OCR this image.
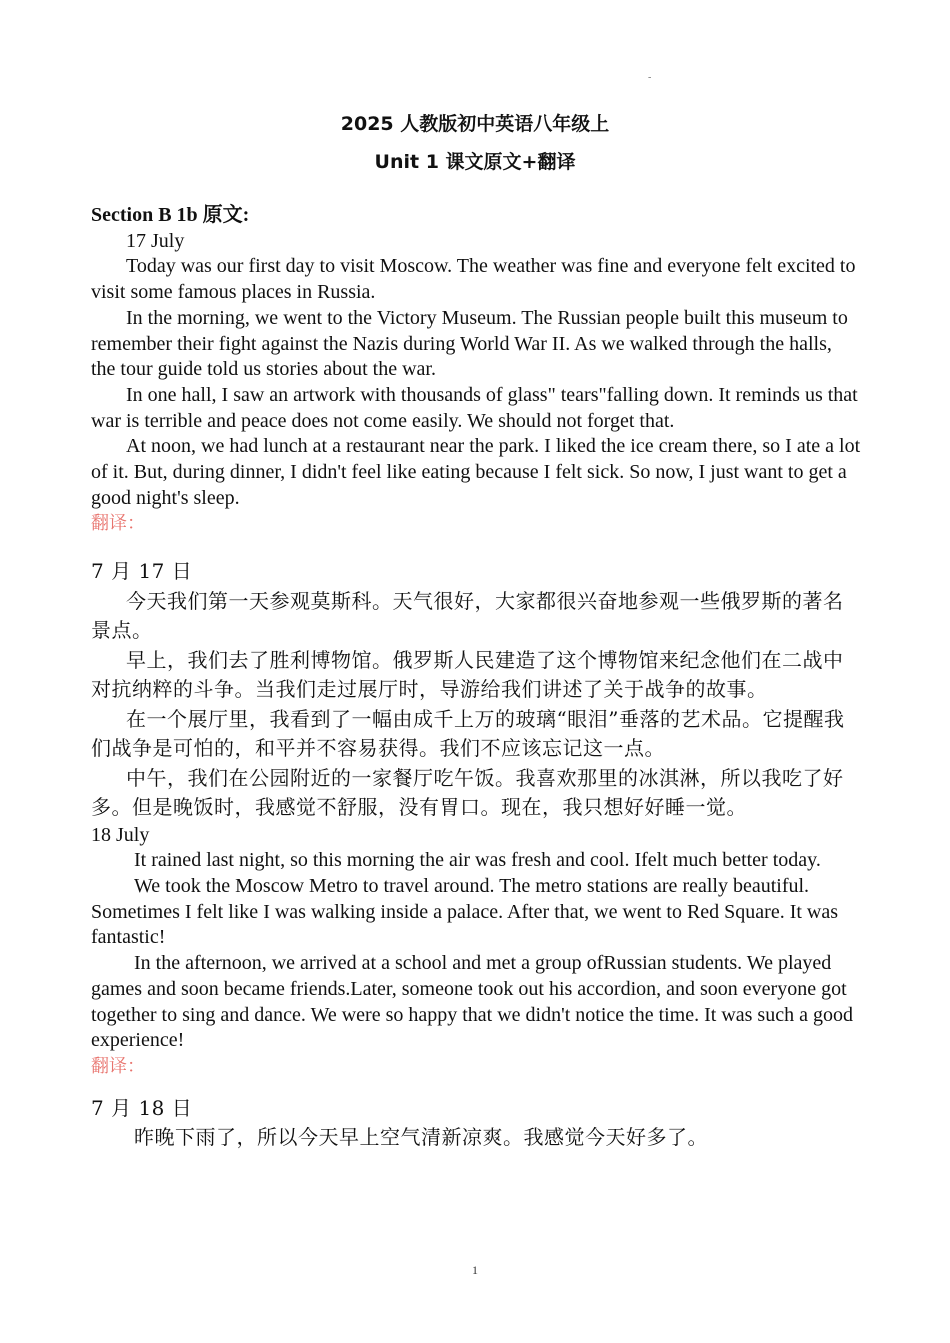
-
2025 人教版初中英语八年级上
Unit 1 课文原文+翻译

Section B 1b 原文:

17 July

Today was our first day to visit Moscow. The weather was fine and everyone felt excited to visit some famous places in Russia.

In the morning, we went to the Victory Museum. The Russian people built this museum to remember their fight against the Nazis during World War II. As we walked through the halls, the tour guide told us stories about the war.

In one hall, I saw an artwork with thousands of glass" tears"falling down. It reminds us that war is terrible and peace does not come easily. We should not forget that.

At noon, we had lunch at a restaurant near the park. I liked the ice cream there, so I ate a lot of it. But, during dinner, I didn't feel like eating because I felt sick. So now, I just want to get a good night's sleep.

翻译：

7 月 17 日

今天我们第一天参观莫斯科。天气很好，大家都很兴奋地参观一些俄罗斯的著名景点。

早上，我们去了胜利博物馆。俄罗斯人民建造了这个博物馆来纪念他们在二战中对抗纳粹的斗争。当我们走过展厅时，导游给我们讲述了关于战争的故事。

在一个展厅里，我看到了一幅由成千上万的玻璃“眼泪”垂落的艺术品。它提醒我们战争是可怕的，和平并不容易获得。我们不应该忘记这一点。

中午，我们在公园附近的一家餐厅吃午饭。我喜欢那里的冰淇淋，所以我吃了好多。但是晚饭时，我感觉不舒服，没有胃口。现在，我只想好好睡一觉。

18 July

It rained last night, so this morning the air was fresh and cool. Ifelt much better today.

We took the Moscow Metro to travel around. The metro stations are really beautiful. Sometimes I felt like I was walking inside a palace. After that, we went to Red Square. It was fantastic!

In the afternoon, we arrived at a school and met a group ofRussian students. We played games and soon became friends.Later, someone took out his accordion, and soon everyone got together to sing and dance. We were so happy that we didn't notice the time. It was such a good experience!

翻译：

7 月 18 日

昨晚下雨了，所以今天早上空气清新凉爽。我感觉今天好多了。

1
